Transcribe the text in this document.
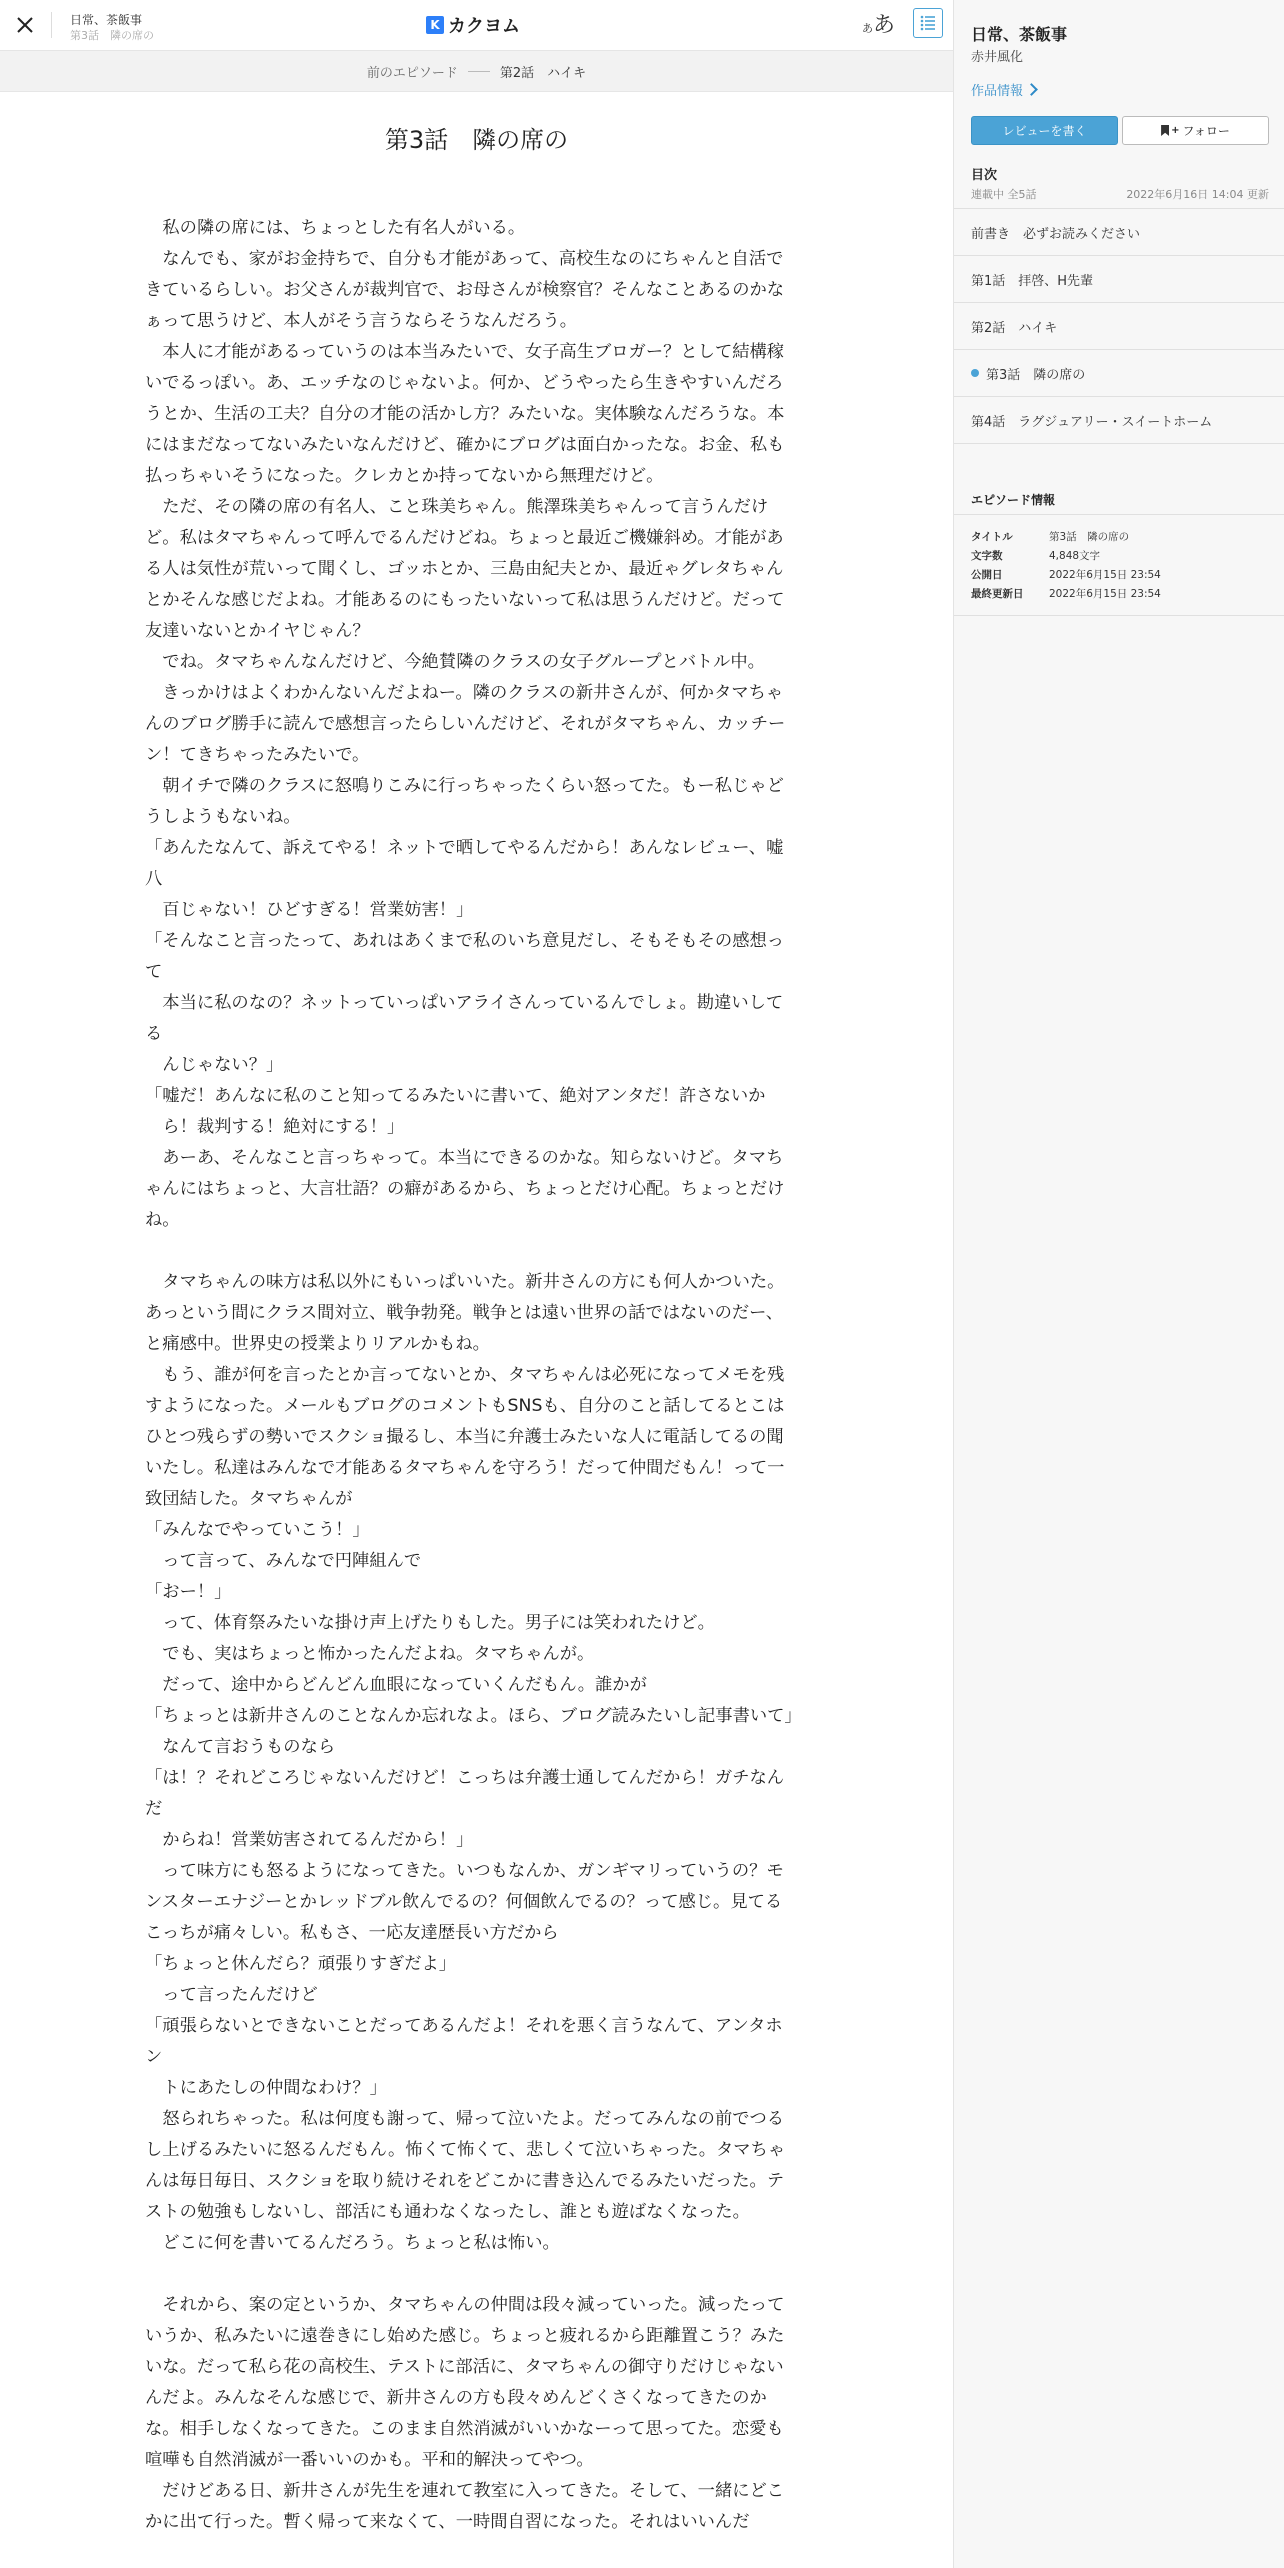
日常、茶飯事
第3話　隣の席の
K カクヨム	ああ
前のエピソード	第2話　ハイキ
第3話　隣の席の
私の隣の席には、ちょっとした有名人がいる。
なんでも、家がお金持ちで、自分も才能があって、高校生なのにちゃんと自活できているらしい。お父さんが裁判官で、お母さんが検察官？そんなことあるのかなぁって思うけど、本人がそう言うならそうなんだろう。
本人に才能があるっていうのは本当みたいで、女子高生ブロガー？として結構稼いでるっぽい。あ、エッチなのじゃないよ。何か、どうやったら生きやすいんだろうとか、生活の工夫？自分の才能の活かし方？みたいな。実体験なんだろうな。本にはまだなってないみたいなんだけど、確かにブログは面白かったな。お金、私も払っちゃいそうになった。クレカとか持ってないから無理だけど。
ただ、その隣の席の有名人、こと珠美ちゃん。熊澤珠美ちゃんって言うんだけど。私はタマちゃんって呼んでるんだけどね。ちょっと最近ご機嫌斜め。才能がある人は気性が荒いって聞くし、ゴッホとか、三島由紀夫とか、最近ゃグレタちゃんとかそんな感じだよね。才能あるのにもったいないって私は思うんだけど。だって友達いないとかイヤじゃん？
でね。タマちゃんなんだけど、今絶賛隣のクラスの女子グループとバトル中。
きっかけはよくわかんないんだよねー。隣のクラスの新井さんが、何かタマちゃんのブログ勝手に読んで感想言ったらしいんだけど、それがタマちゃん、カッチーン！てきちゃったみたいで。
朝イチで隣のクラスに怒鳴りこみに行っちゃったくらい怒ってた。もー私じゃどうしようもないね。
「あんたなんて、訴えてやる！ネットで晒してやるんだから！あんなレビュー、嘘八
百じゃない！ひどすぎる！営業妨害！」
「そんなこと言ったって、あれはあくまで私のいち意見だし、そもそもその感想って
本当に私のなの？ネットっていっぱいアライさんっているんでしょ。勘違いしてる
んじゃない？」
「嘘だ！あんなに私のこと知ってるみたいに書いて、絶対アンタだ！許さないから！裁判する！絶対にする！」
あーあ、そんなこと言っちゃって。本当にできるのかな。知らないけど。タマちゃんにはちょっと、大言壮語？の癖があるから、ちょっとだけ心配。ちょっとだけね。
タマちゃんの味方は私以外にもいっぱいいた。新井さんの方にも何人かついた。あっという間にクラス間対立、戦争勃発。戦争とは遠い世界の話ではないのだー、と痛感中。世界史の授業よりリアルかもね。
もう、誰が何を言ったとか言ってないとか、タマちゃんは必死になってメモを残すようになった。メールもブログのコメントもSNSも、自分のこと話してるとこはひとつ残らずの勢いでスクショ撮るし、本当に弁護士みたいな人に電話してるの聞いたし。私達はみんなで才能あるタマちゃんを守ろう！だって仲間だもん！って一致団結した。タマちゃんが
「みんなでやっていこう！」
って言って、みんなで円陣組んで
「おー！」
って、体育祭みたいな掛け声上げたりもした。男子には笑われたけど。
でも、実はちょっと怖かったんだよね。タマちゃんが。
だって、途中からどんどん血眼になっていくんだもん。誰かが
「ちょっとは新井さんのことなんか忘れなよ。ほら、ブログ読みたいし記事書いて」
なんて言おうものなら
「は！？それどころじゃないんだけど！こっちは弁護士通してんだから！ガチなんだ
からね！営業妨害されてるんだから！」
って味方にも怒るようになってきた。いつもなんか、ガンギマリっていうの？モンスターエナジーとかレッドブル飲んでるの？何個飲んでるの？って感じ。見てるこっちが痛々しい。私もさ、一応友達歴長い方だから
「ちょっと休んだら？頑張りすぎだよ」
って言ったんだけど
「頑張らないとできないことだってあるんだよ！それを悪く言うなんて、アンタホン
トにあたしの仲間なわけ？」
怒られちゃった。私は何度も謝って、帰って泣いたよ。だってみんなの前でつるし上げるみたいに怒るんだもん。怖くて怖くて、悲しくて泣いちゃった。タマちゃんは毎日毎日、スクショを取り続けそれをどこかに書き込んでるみたいだった。テストの勉強もしないし、部活にも通わなくなったし、誰とも遊ばなくなった。
どこに何を書いてるんだろう。ちょっと私は怖い。
それから、案の定というか、タマちゃんの仲間は段々減っていった。減ったっていうか、私みたいに遠巻きにし始めた感じ。ちょっと疲れるから距離置こう？みたいな。だって私ら花の高校生、テストに部活に、タマちゃんの御守りだけじゃないんだよ。みんなそんな感じで、新井さんの方も段々めんどくさくなってきたのかな。相手しなくなってきた。このまま自然消滅がいいかなーって思ってた。恋愛も喧嘩も自然消滅が一番いいのかも。平和的解決ってやつ。
だけどある日、新井さんが先生を連れて教室に入ってきた。そして、一緒にどこかに出て行った。暫く帰って来なくて、一時間自習になった。それはいいんだ
日常、茶飯事
赤井風化
作品情報
レビューを書く	+ フォロー
目次
連載中 全5話	2022年6月16日 14:04 更新
前書き　必ずお読みください
第1話　拝啓、H先輩
第2話　ハイキ
第3話　隣の席の
第4話　ラグジュアリー・スイートホーム
エピソード情報
タイトル	第3話　隣の席の
文字数	4,848文字
公開日	2022年6月15日 23:54
最終更新日	2022年6月15日 23:54
